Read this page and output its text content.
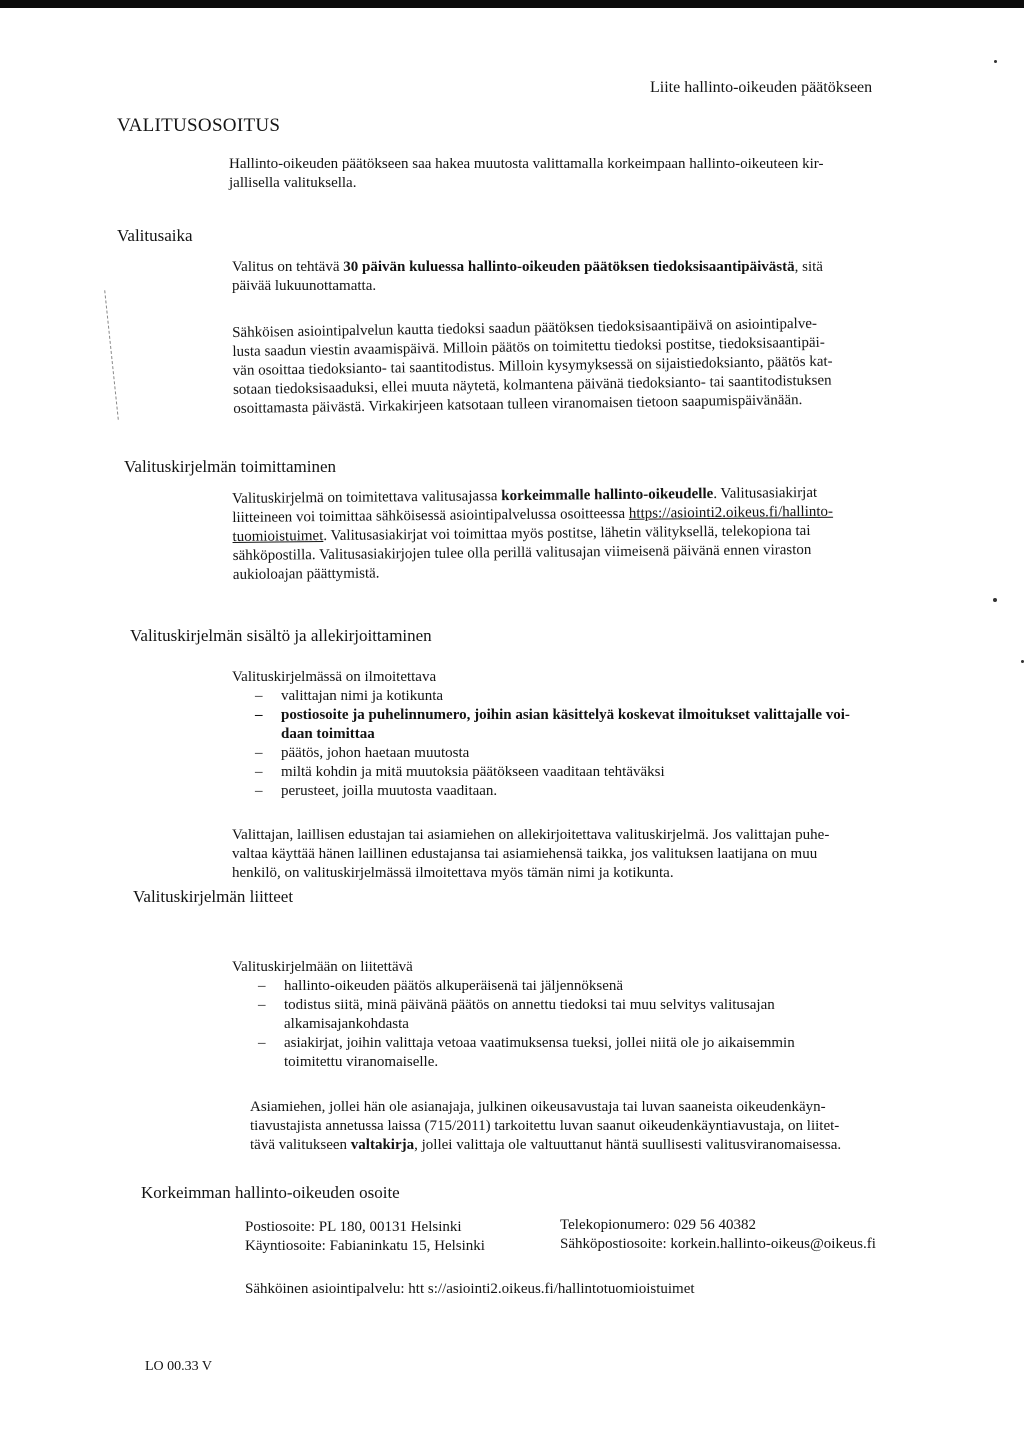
Liite hallinto-oikeuden päätökseen
VALITUSOSOITUS
Hallinto-oikeuden päätökseen saa hakea muutosta valittamalla korkeimpaan hallinto-oikeuteen kir-
jallisella valituksella.
Valitusaika
Valitus on tehtävä 30 päivän kuluessa hallinto-oikeuden päätöksen tiedoksisaantipäivästä, sitä
päivää lukuunottamatta.
Sähköisen asiointipalvelun kautta tiedoksi saadun päätöksen tiedoksisaantipäivä on asiointipalve-
lusta saadun viestin avaamispäivä. Milloin päätös on toimitettu tiedoksi postitse, tiedoksisaantipäi-
vän osoittaa tiedoksianto- tai saantitodistus. Milloin kysymyksessä on sijaistiedoksianto, päätös kat-
sotaan tiedoksisaaduksi, ellei muuta näytetä, kolmantena päivänä tiedoksianto- tai saantitodistuksen
osoittamasta päivästä. Virkakirjeen katsotaan tulleen viranomaisen tietoon saapumispäivänään.
Valituskirjelmän toimittaminen
Valituskirjelmä on toimitettava valitusajassa korkeimmalle hallinto-oikeudelle. Valitusasiakirjat
liitteineen voi toimittaa sähköisessä asiointipalvelussa osoitteessa https://asiointi2.oikeus.fi/hallinto-
tuomioistuimet. Valitusasiakirjat voi toimittaa myös postitse, lähetin välityksellä, telekopiona tai
sähköpostilla. Valitusasiakirjojen tulee olla perillä valitusajan viimeisenä päivänä ennen viraston
aukioloajan päättymistä.
Valituskirjelmän sisältö ja allekirjoittaminen
Valituskirjelmässä on ilmoitettava
– valittajan nimi ja kotikunta
– postiosoite ja puhelinnumero, joihin asian käsittelyä koskevat ilmoitukset valittajalle voi-
daan toimittaa
– päätös, johon haetaan muutosta
– miltä kohdin ja mitä muutoksia päätökseen vaaditaan tehtäväksi
– perusteet, joilla muutosta vaaditaan.
Valittajan, laillisen edustajan tai asiamiehen on allekirjoitettava valituskirjelmä. Jos valittajan puhe-
valtaa käyttää hänen laillinen edustajansa tai asiamiehensä taikka, jos valituksen laatijana on muu
henkilö, on valituskirjelmässä ilmoitettava myös tämän nimi ja kotikunta.
Valituskirjelmän liitteet
Valituskirjelmään on liitettävä
– hallinto-oikeuden päätös alkuperäisenä tai jäljennöksenä
– todistus siitä, minä päivänä päätös on annettu tiedoksi tai muu selvitys valitusajan
alkamisajankohdasta
– asiakirjat, joihin valittaja vetoaa vaatimuksensa tueksi, jollei niitä ole jo aikaisemmin
toimitettu viranomaiselle.
Asiamiehen, jollei hän ole asianajaja, julkinen oikeusavustaja tai luvan saaneista oikeudenkäyn-
tiavustajista annetussa laissa (715/2011) tarkoitettu luvan saanut oikeudenkäyntiavustaja, on liitet-
tävä valitukseen valtakirja, jollei valittaja ole valtuuttanut häntä suullisesti valitusviranomaisessa.
Korkeimman hallinto-oikeuden osoite
Postiosoite: PL 180, 00131 Helsinki
Käyntiosoite: Fabianinkatu 15, Helsinki
Telekopionumero: 029 56 40382
Sähköpostiosoite: korkein.hallinto-oikeus@oikeus.fi
Sähköinen asiointipalvelu: htt s://asiointi2.oikeus.fi/hallintotuomioistuimet
LO 00.33 V
